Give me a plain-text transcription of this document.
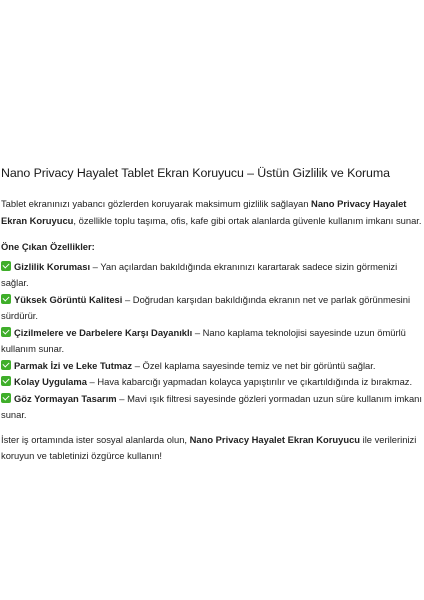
Nano Privacy Hayalet Tablet Ekran Koruyucu – Üstün Gizlilik ve Koruma

Tablet ekranınızı yabancı gözlerden koruyarak maksimum gizlilik sağlayan Nano Privacy Hayalet Ekran Koruyucu, özellikle toplu taşıma, ofis, kafe gibi ortak alanlarda güvenle kullanım imkanı sunar.

Öne Çıkan Özellikler:
Gizlilik Koruması – Yan açılardan bakıldığında ekranınızı karartarak sadece sizin görmenizi sağlar.
Yüksek Görüntü Kalitesi – Doğrudan karşıdan bakıldığında ekranın net ve parlak görünmesini sürdürür.
Çizilmelere ve Darbelere Karşı Dayanıklı – Nano kaplama teknolojisi sayesinde uzun ömürlü kullanım sunar.
Parmak İzi ve Leke Tutmaz – Özel kaplama sayesinde temiz ve net bir görüntü sağlar.
Kolay Uygulama – Hava kabarcığı yapmadan kolayca yapıştırılır ve çıkartıldığında iz bırakmaz.
Göz Yormayan Tasarım – Mavi ışık filtresi sayesinde gözleri yormadan uzun süre kullanım imkanı sunar.

İster iş ortamında ister sosyal alanlarda olun, Nano Privacy Hayalet Ekran Koruyucu ile verilerinizi koruyun ve tabletinizi özgürce kullanın!
